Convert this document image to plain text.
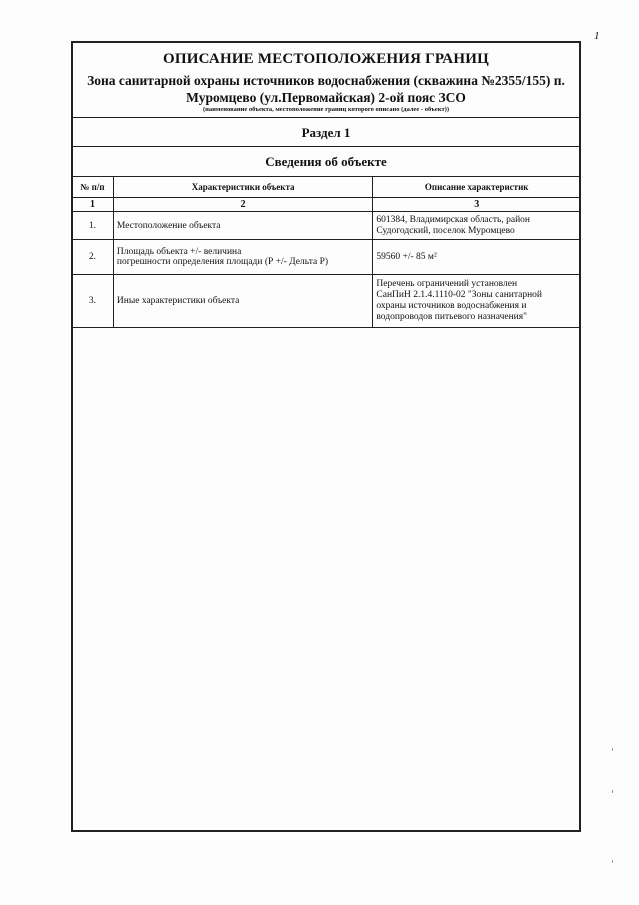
1
ОПИСАНИЕ МЕСТОПОЛОЖЕНИЯ ГРАНИЦ
Зона санитарной охраны источников водоснабжения (скважина №2355/155) п.
Муромцево (ул.Первомайская) 2-ой пояс ЗСО
(наименование объекта, местоположение границ которого описано (далее - объект))
Раздел 1
Сведения об объекте
№ п/п	Характеристики объекта	Описание характеристик
1	2	3
1.	Местоположение объекта	601384, Владимирская область, район
Судогодский, поселок Муромцево

2.	Площадь объекта +/- величина
погрешности определения площади (Р +/- Дельта Р)	59560 +/- 85 м²
3.	Иные характеристики объекта	Перечень ограничений установлен
СанПиН 2.1.4.1110-02 "Зоны санитарной
охраны источников водоснабжения и
водопроводов питьевого назначения"
